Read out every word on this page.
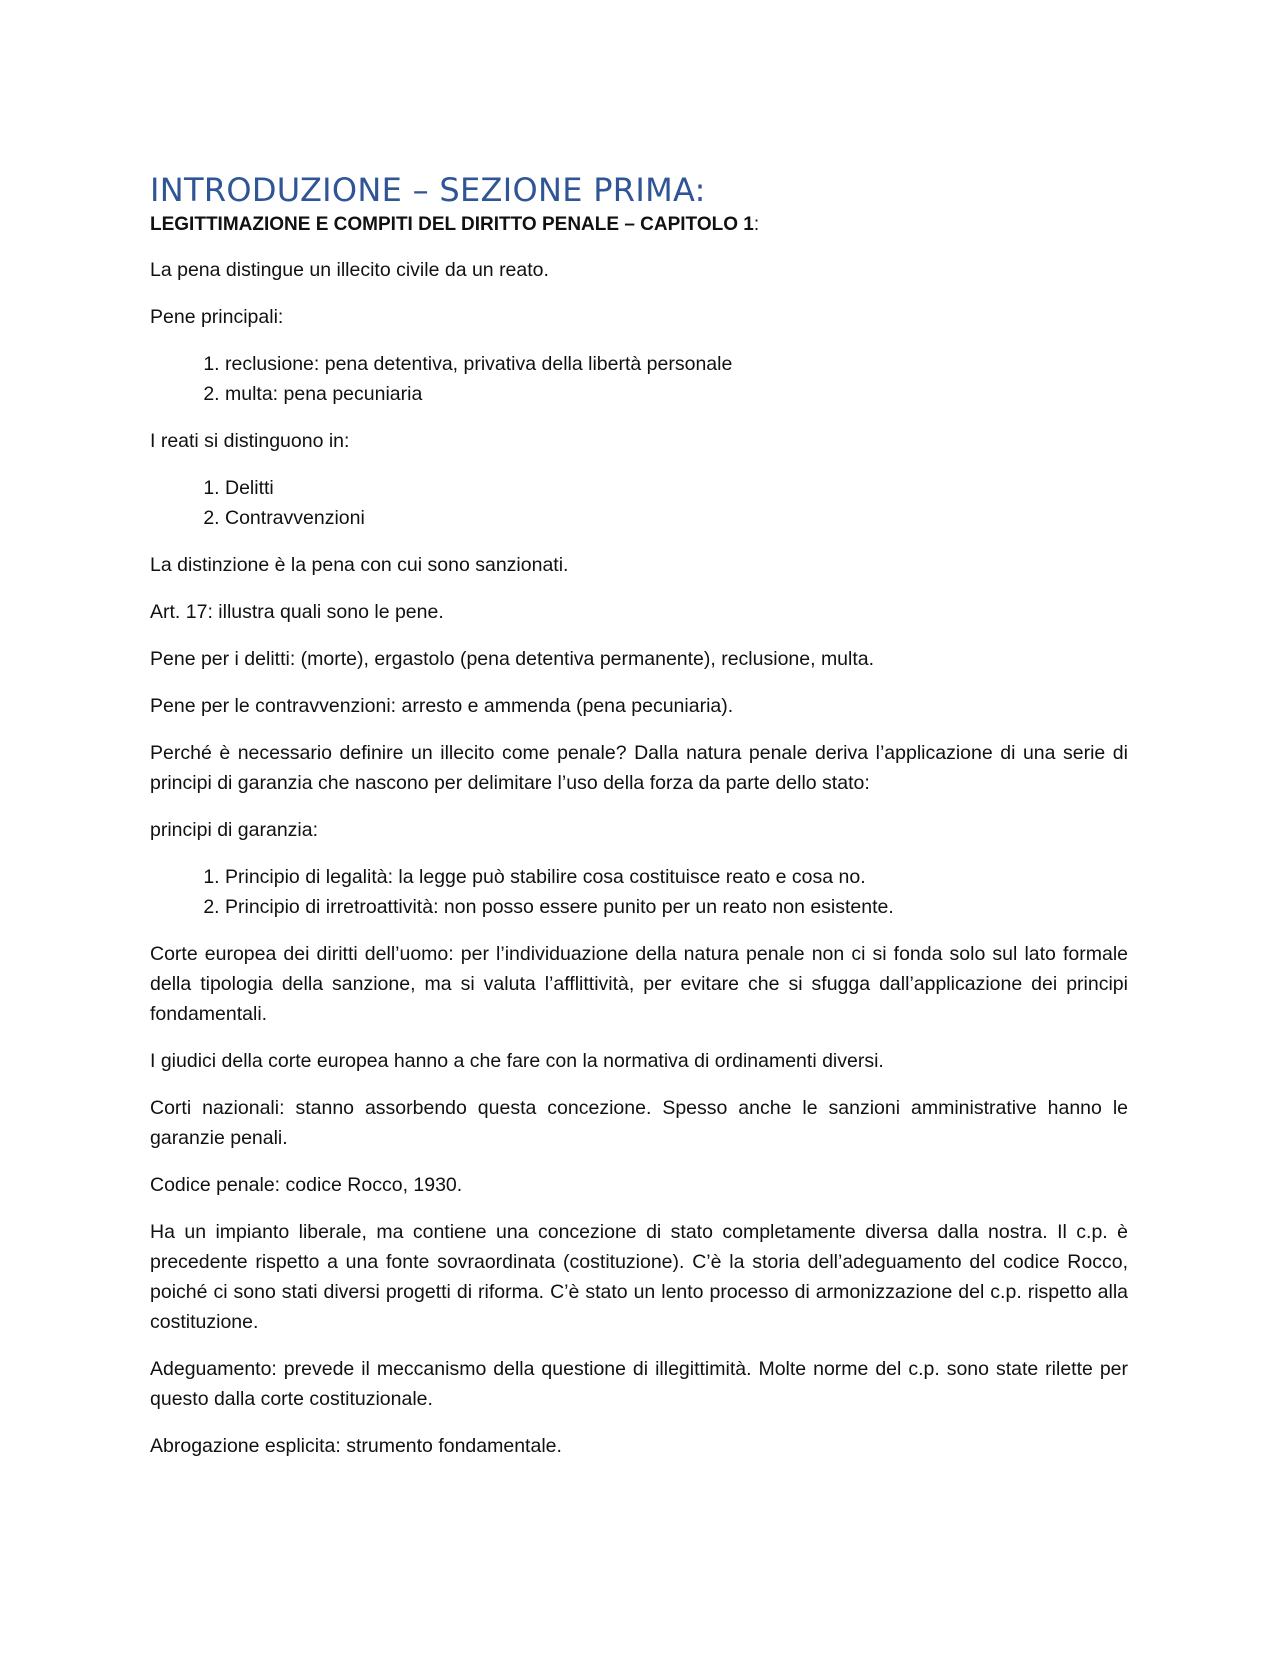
INTRODUZIONE – SEZIONE PRIMA:
LEGITTIMAZIONE E COMPITI DEL DIRITTO PENALE – CAPITOLO 1:

La pena distingue un illecito civile da un reato.

Pene principali:

1. reclusione: pena detentiva, privativa della libertà personale
2. multa: pena pecuniaria

I reati si distinguono in:

1. Delitti
2. Contravvenzioni

La distinzione è la pena con cui sono sanzionati.

Art. 17: illustra quali sono le pene.

Pene per i delitti: (morte), ergastolo (pena detentiva permanente), reclusione, multa.

Pene per le contravvenzioni: arresto e ammenda (pena pecuniaria).

Perché è necessario definire un illecito come penale? Dalla natura penale deriva l’applicazione di una serie di principi di garanzia che nascono per delimitare l’uso della forza da parte dello stato:

principi di garanzia:

1. Principio di legalità: la legge può stabilire cosa costituisce reato e cosa no.
2. Principio di irretroattività: non posso essere punito per un reato non esistente.

Corte europea dei diritti dell’uomo: per l’individuazione della natura penale non ci si fonda solo sul lato formale della tipologia della sanzione, ma si valuta l’afflittività, per evitare che si sfugga dall’applicazione dei principi fondamentali.

I giudici della corte europea hanno a che fare con la normativa di ordinamenti diversi.

Corti nazionali: stanno assorbendo questa concezione. Spesso anche le sanzioni amministrative hanno le garanzie penali.

Codice penale: codice Rocco, 1930.

Ha un impianto liberale, ma contiene una concezione di stato completamente diversa dalla nostra. Il c.p. è precedente rispetto a una fonte sovraordinata (costituzione). C’è la storia dell’adeguamento del codice Rocco, poiché ci sono stati diversi progetti di riforma. C’è stato un lento processo di armonizzazione del c.p. rispetto alla costituzione.

Adeguamento: prevede il meccanismo della questione di illegittimità. Molte norme del c.p. sono state rilette per questo dalla corte costituzionale.

Abrogazione esplicita: strumento fondamentale.
